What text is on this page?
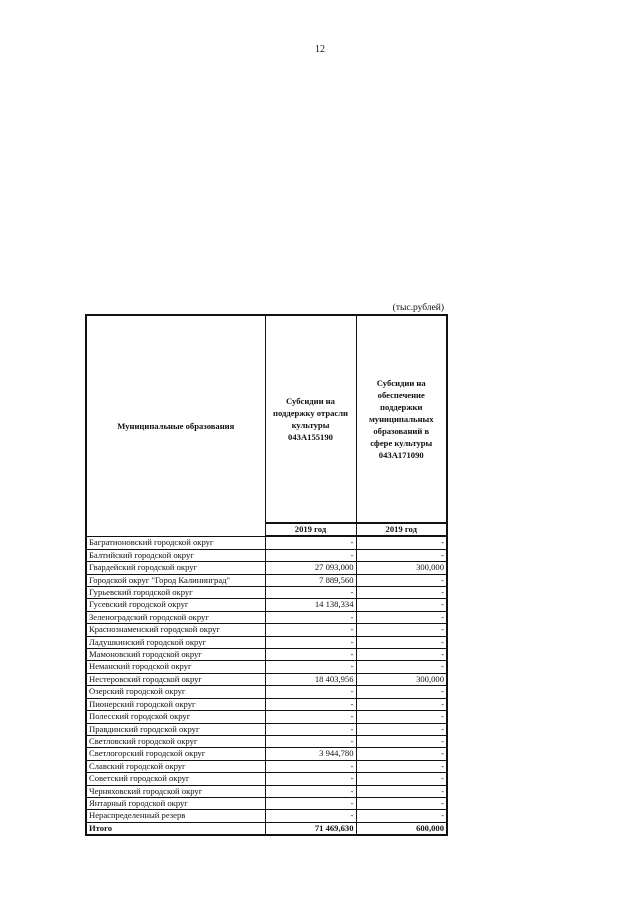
12
(тыс.рублей)
Муниципальные образования	Субсидии на поддержку отрасли культуры 043A155190	Субсидии на обеспечение поддержки муниципальных образований в сфере культуры 043A171090
	2019 год	2019 год
Багратионовский городской округ	-	-
Балтийский городской округ	-	-
Гвардейский городской округ	27 093,000	300,000
Городской округ "Город Калининград"	7 889,560	-
Гурьевский городской округ	-	-
Гусевский городской округ	14 138,334	-
Зеленоградский городской округ	-	-
Краснознаменский городской округ	-	-
Ладушкинский городской округ	-	-
Мамоновский городской округ	-	-
Неманский городской округ	-	-
Нестеровский городской округ	18 403,956	300,000
Озерский городской округ	-	-
Пионерский городской округ	-	-
Полесский городской округ	-	-
Правдинский городской округ	-	-
Светловский городской округ	-	-
Светлогорский городской округ	3 944,780	-
Славский городской округ	-	-
Советский городской округ	-	-
Черняховский городской округ	-	-
Янтарный городской округ	-	-
Нераспределенный резерв	-	-
Итого	71 469,630	600,000
